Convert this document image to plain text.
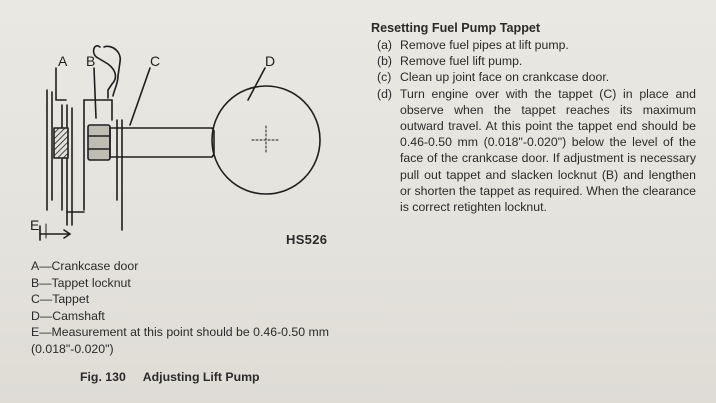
A B	C	D
E
HS526
A—Crankcase door
B—Tappet locknut
C—Tappet
D—Camshaft
E—Measurement at this point should be 0.46-0.50 mm (0.018"-0.020")
Fig. 130 Adjusting Lift Pump
Resetting Fuel Pump Tappet
(a) Remove fuel pipes at lift pump.
(b) Remove fuel lift pump.
(c) Clean up joint face on crankcase door.
(d) Turn engine over with the tappet (C) in place and observe when the tappet reaches its maximum outward travel. At this point the tappet end should be 0.46-0.50 mm (0.018"-0.020") below the level of the face of the crankcase door. If adjustment is necessary pull out tappet and slacken locknut (B) and lengthen or shorten the tappet as required. When the clearance is correct retighten locknut.
